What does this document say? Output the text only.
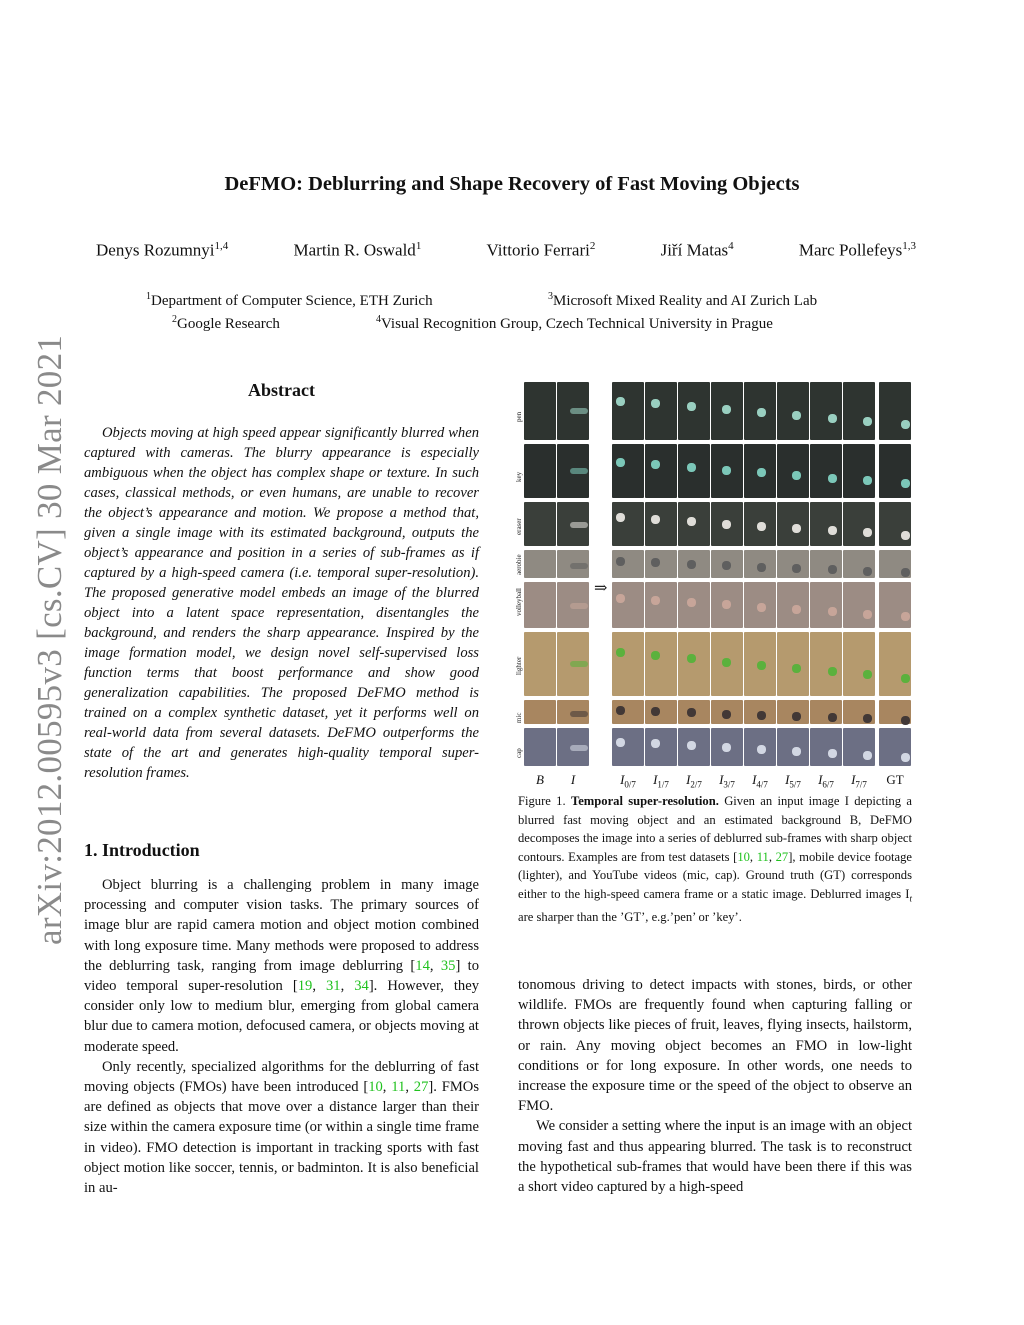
DeFMO: Deblurring and Shape Recovery of Fast Moving Objects
Denys Rozumnyi$^{1,4}$	Martin R. Oswald$^1$	Vittorio Ferrari$^2$	Jiří Matas$^4$	Marc Pollefeys$^{1,3}$
$^1$Department of Computer Science, ETH Zurich	$^3$Microsoft Mixed Reality and AI Zurich Lab
$^2$Google Research	$^4$Visual Recognition Group, Czech Technical University in Prague
arXiv:2012.00595v3 [cs.CV] 30 Mar 2021	Abstract

Objects moving at high speed appear significantly blurred when captured with cameras. The blurry appearance is especially ambiguous when the object has complex shape or texture. In such cases, classical methods, or even humans, are unable to recover the object’s appearance and motion. We propose a method that, given a single image with its estimated background, outputs the object’s appearance and position in a series of sub-frames as if captured by a high-speed camera (i.e. temporal super-resolution). The proposed generative model embeds an image of the blurred object into a latent space representation, disentangles the background, and renders the sharp appearance. Inspired by the image formation model, we design novel self-supervised loss function terms that boost performance and show good generalization capabilities. The proposed DeFMO method is trained on a complex synthetic dataset, yet it performs well on real-world data from several datasets. DeFMO outperforms the state of the art and generates high-quality temporal super-resolution frames.

1. Introduction

Object blurring is a challenging problem in many image processing and computer vision tasks. The primary sources of image blur are rapid camera motion and object motion combined with long exposure time. Many methods were proposed to address the deblurring task, ranging from image deblurring [14, 35] to video temporal super-resolution [19, 31, 34]. However, they consider only low to medium blur, emerging from global camera blur due to camera motion, defocused camera, or objects moving at moderate speed.

Only recently, specialized algorithms for the deblurring of fast moving objects (FMOs) have been introduced [10, 11, 27]. FMOs are defined as objects that move over a distance larger than their size within the camera exposure time (or within a single time frame in video). FMO detection is important in tracking sports with fast object motion like soccer, tennis, or badminton. It is also beneficial in au-

tonomous driving to detect impacts with stones, birds, or other wildlife. FMOs are frequently found when capturing falling or thrown objects like pieces of fruit, leaves, flying insects, hailstorm, or rain. Any moving object becomes an FMO in low-light conditions or for long exposure. In other words, one needs to increase the exposure time or the speed of the object to observe an FMO.

We consider a setting where the input is an image with an object moving fast and thus appearing blurred. The task is to reconstruct the hypothetical sub-frames that would have been there if this was a short video captured by a high-speed

pen
key
eraser
aerobie
volleyball
lighter
mic
cap
⇒
B	I	$I_{0/7}$	$I_{1/7}$	$I_{2/7}$	$I_{3/7}$	$I_{4/7}$	$I_{5/7}$	$I_{6/7}$	$I_{7/7}$	GT
Figure 1. Temporal super-resolution. Given an input image I depicting a blurred fast moving object and an estimated background B, DeFMO decomposes the image into a series of deblurred sub-frames with sharp object contours. Examples are from test datasets [10, 11, 27], mobile device footage (lighter), and YouTube videos (mic, cap). Ground truth (GT) corresponds either to the high-speed camera frame or a static image. Deblurred images $I_t$ are sharper than the ’GT’, e.g.’pen’ or ’key’.
